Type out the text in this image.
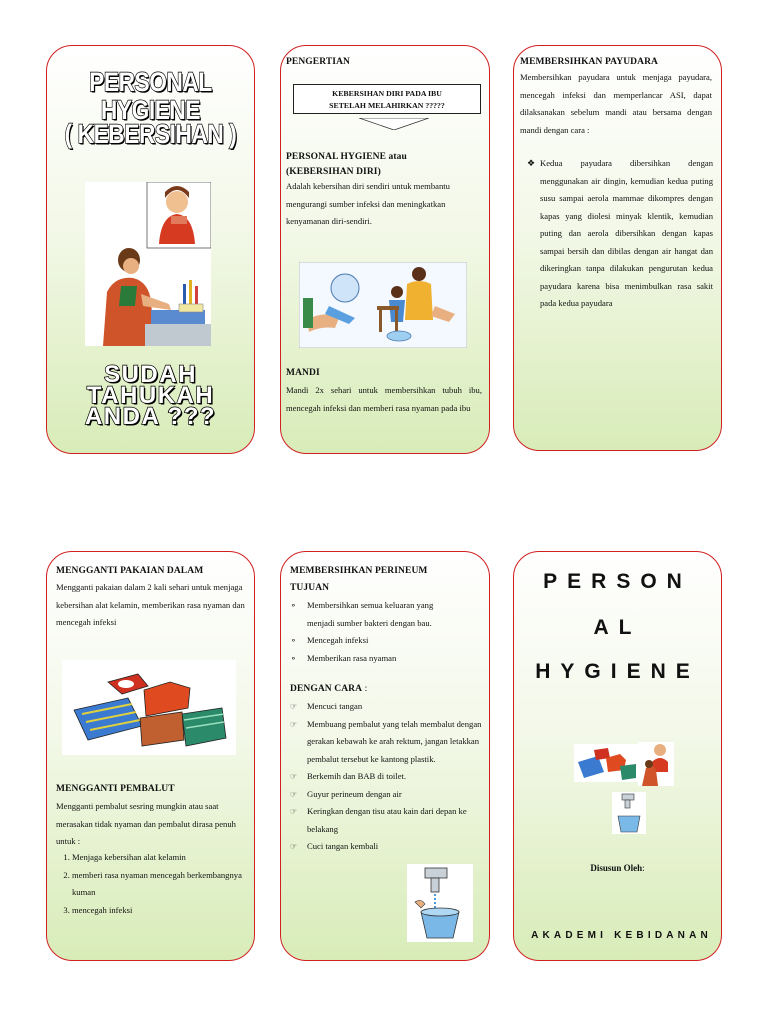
PERSONAL HYGIENE
( KEBERSIHAN )
SUDAH
TAHUKAH
ANDA ???
PENGERTIAN
KEBERSIHAN DIRI PADA IBU
SETELAH MELAHIRKAN ?????
PERSONAL HYGIENE atau
(KEBERSIHAN DIRI)

Adalah kebersihan diri sendiri untuk membantu mengurangi sumber infeksi dan meningkatkan kenyamanan diri-sendiri.

MANDI

Mandi 2x sehari untuk membersihkan tubuh ibu, mencegah infeksi dan memberi rasa nyaman pada ibu

MEMBERSIHKAN PAYUDARA

Membersihkan payudara untuk menjaga payudara, mencegah infeksi dan memperlancar ASI, dapat dilaksanakan sebelum mandi atau bersama dengan mandi dengan cara :

❖ Kedua payudara dibersihkan dengan menggunakan air dingin, kemudian kedua puting susu sampai aerola mammae dikompres dengan kapas yang diolesi minyak klentik, kemudian puting dan aerola dibersihkan dengan kapas sampai bersih dan dibilas dengan air hangat dan dikeringkan tanpa dilakukan pengurutan kedua payudara karena bisa menimbulkan rasa sakit pada kedua payudara

MENGGANTI PAKAIAN DALAM

Mengganti pakaian dalam 2 kali sehari untuk menjaga kebersihan alat kelamin, memberikan rasa nyaman dan mencegah infeksi

MENGGANTI PEMBALUT

Mengganti pembalut sesring mungkin atau saat merasakan tidak nyaman dan pembalut dirasa penuh untuk :

1. Menjaga kebersihan alat kelamin
2. memberi rasa nyaman mencegah berkembangnya kuman
3. mencegah infeksi
MEMBERSIHKAN PERINEUM
TUJUAN
⚬ Membersihkan semua keluaran yang menjadi sumber bakteri dengan bau.
⚬ Mencegah infeksi
⚬ Memberikan rasa nyaman
DENGAN CARA :
☞ Mencuci tangan
☞ Membuang pembalut yang telah membalut dengan gerakan kebawah ke arah rektum, jangan letakkan pembalut tersebut ke kantong plastik.
☞ Berkemih dan BAB di toilet.
☞ Guyur perineum dengan air
☞ Keringkan dengan tisu atau kain dari depan ke belakang
☞ Cuci tangan kembali
PERSON
AL
HYGIENE
Disusun Oleh:
AKADEMI KEBIDANAN
